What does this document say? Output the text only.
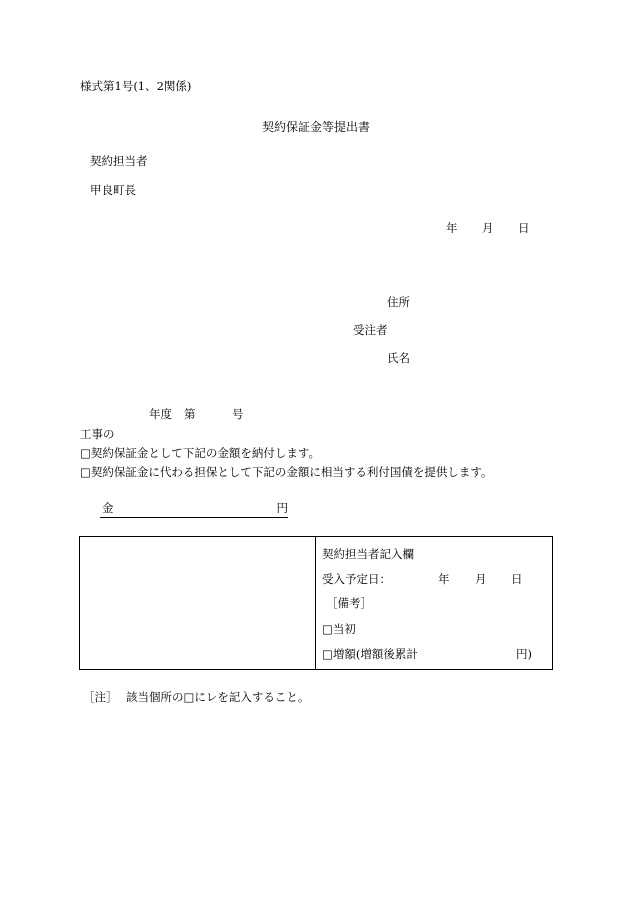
様式第1号(1、2関係)
契約保証金等提出書
契約担当者
甲良町長
年 月 日
住所
受注者
氏名
年度 第	号
工事の
□契約保証金として下記の金額を納付します。
□契約保証金に代わる担保として下記の金額に相当する利付国債を提供します。
金	円
契約担当者記入欄
受入予定日：	年 月 日
［備考］
□当初
□増額(増額後累計	円)
［注］ 該当個所の□にレを記入すること。
